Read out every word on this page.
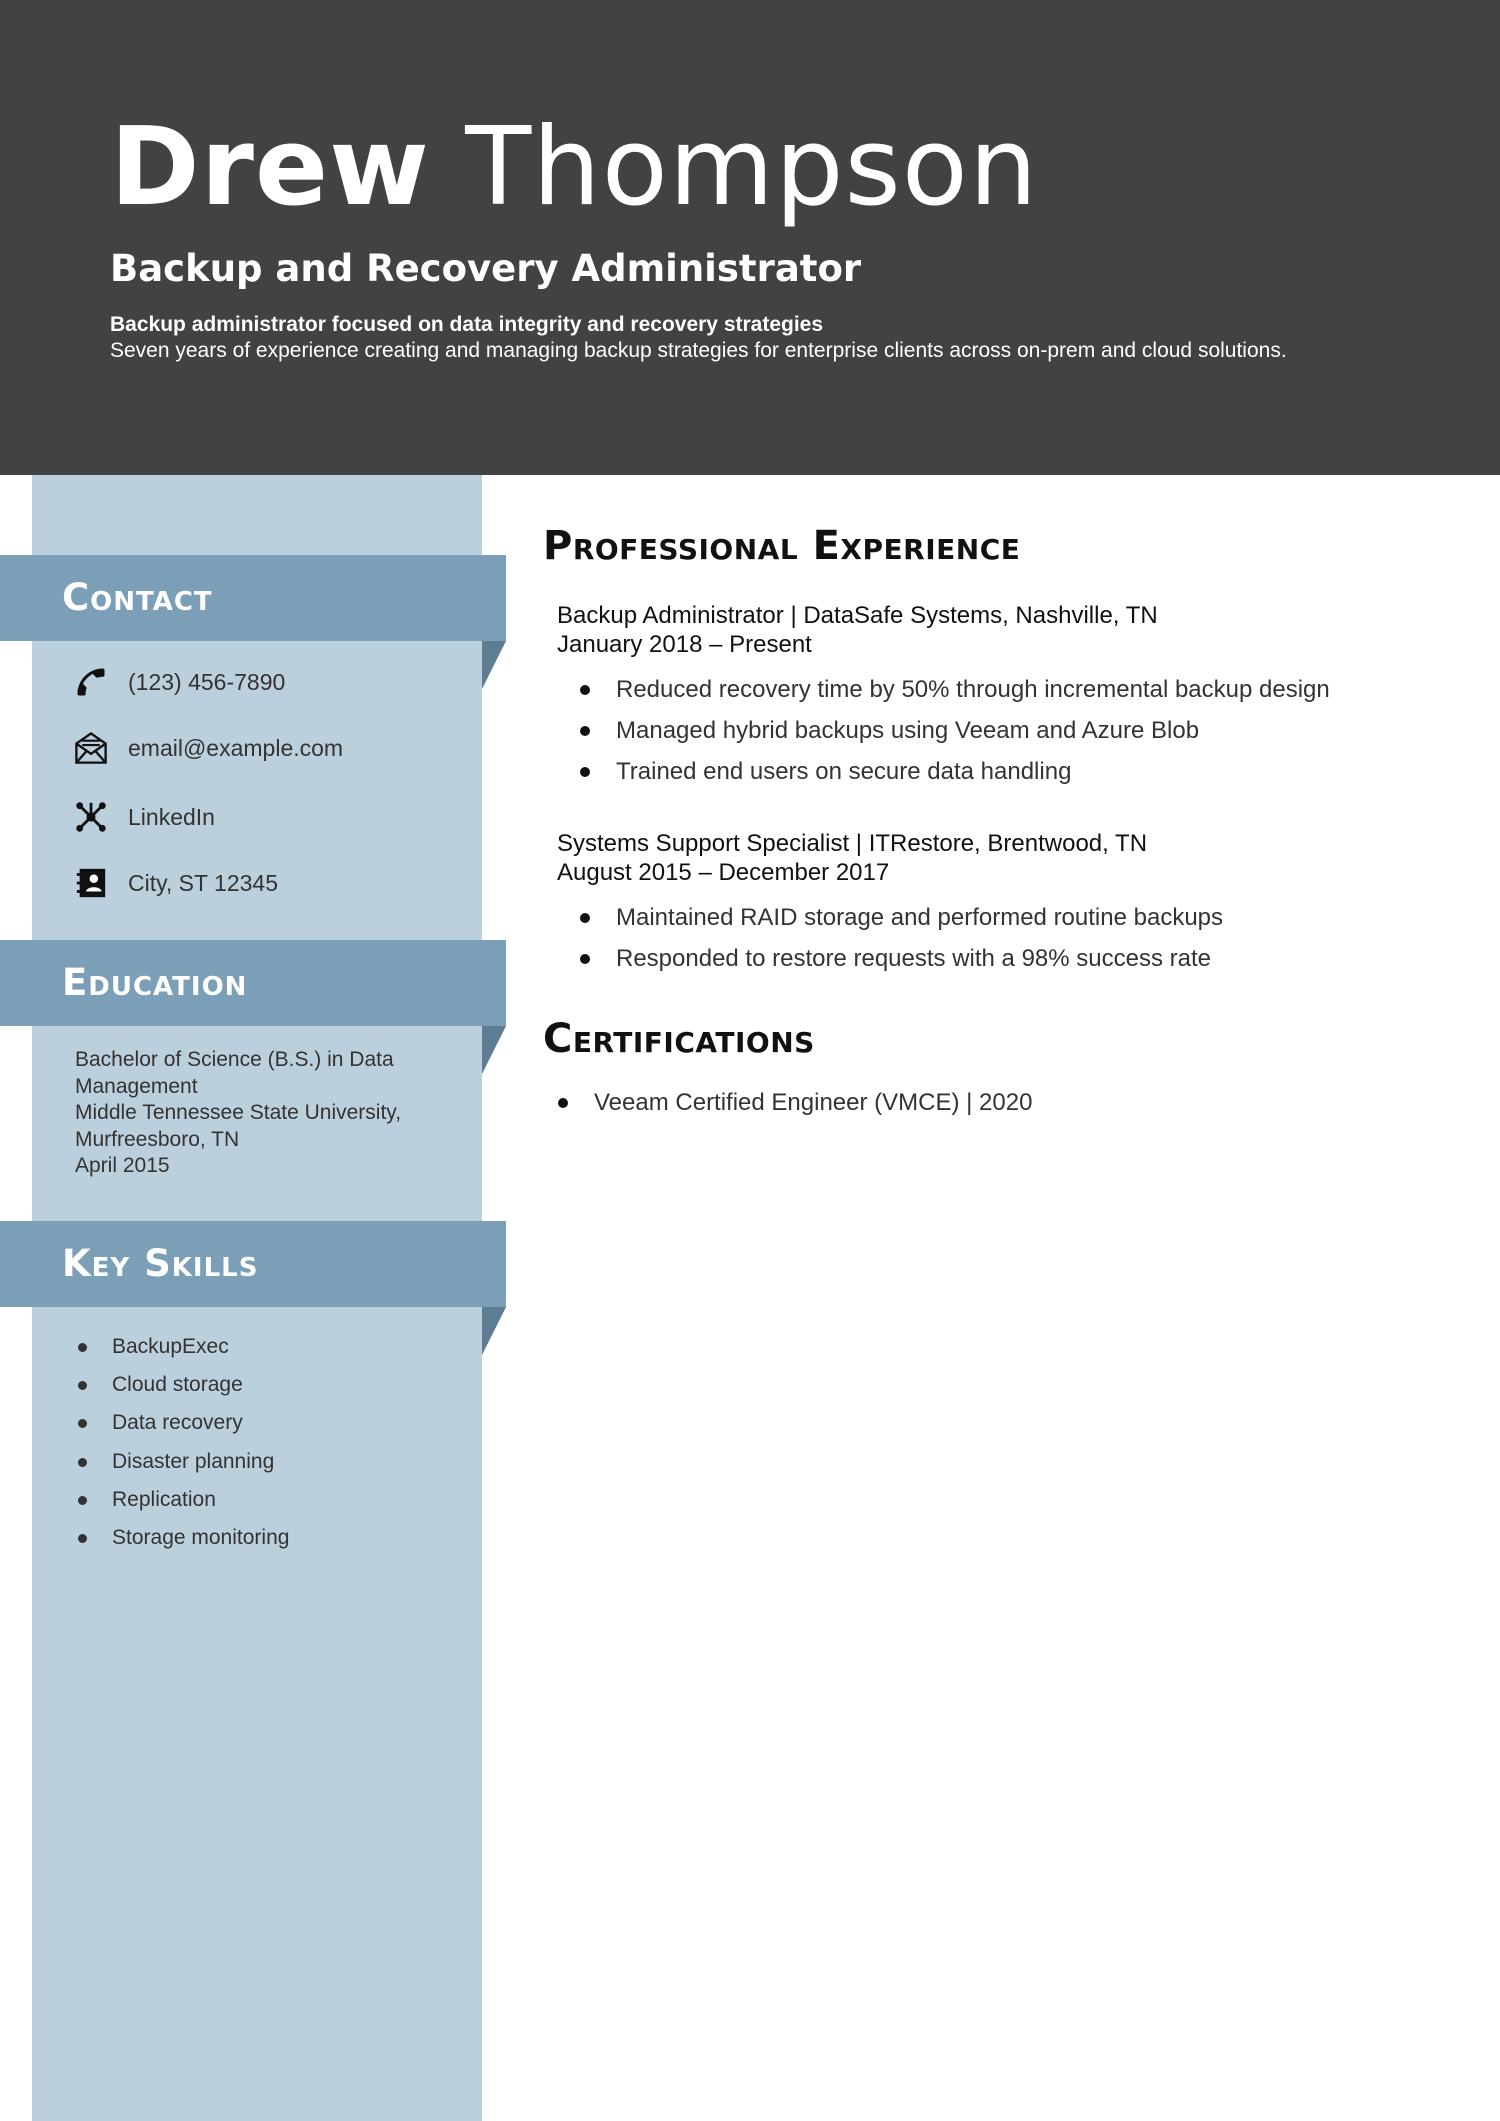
Drew Thompson
Backup and Recovery Administrator
Backup administrator focused on data integrity and recovery strategies
Seven years of experience creating and managing backup strategies for enterprise clients across on-prem and cloud solutions.
Contact
(123) 456-7890
email@example.com
LinkedIn
City, ST 12345
Education
Bachelor of Science (B.S.) in Data
Management
Middle Tennessee State University,
Murfreesboro, TN
April 2015
Key Skills
BackupExec
Cloud storage
Data recovery
Disaster planning
Replication
Storage monitoring
Professional Experience
Backup Administrator | DataSafe Systems, Nashville, TN
January 2018 – Present
Reduced recovery time by 50% through incremental backup design
Managed hybrid backups using Veeam and Azure Blob
Trained end users on secure data handling
Systems Support Specialist | ITRestore, Brentwood, TN
August 2015 – December 2017
Maintained RAID storage and performed routine backups
Responded to restore requests with a 98% success rate
Certifications
Veeam Certified Engineer (VMCE) | 2020
